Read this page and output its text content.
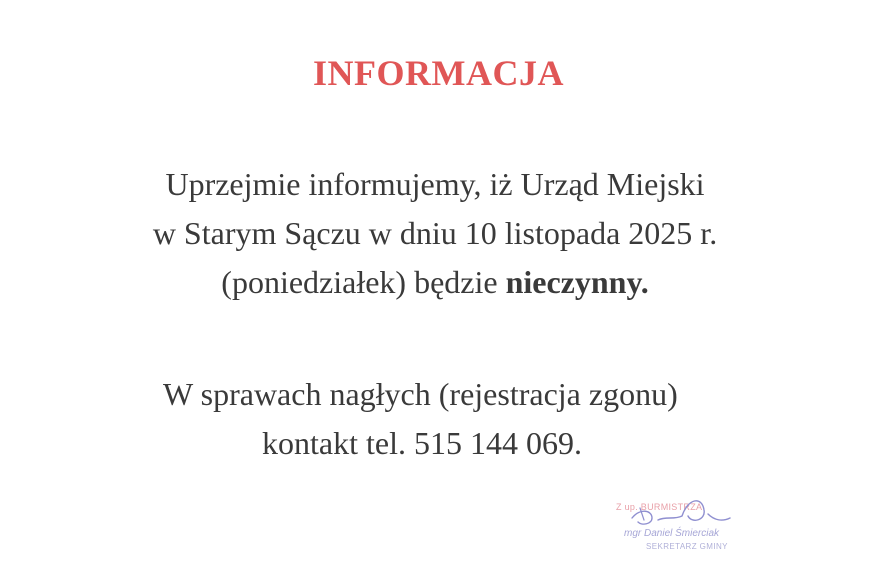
INFORMACJA
Uprzejmie informujemy, iż Urząd Miejski
w Starym Sączu w dniu 10 listopada 2025 r.
(poniedziałek) będzie nieczynny.
W sprawach nagłych (rejestracja zgonu)
kontakt tel. 515 144 069.
Z up. BURMISTRZA
mgr Daniel Śmierciak
SEKRETARZ GMINY
